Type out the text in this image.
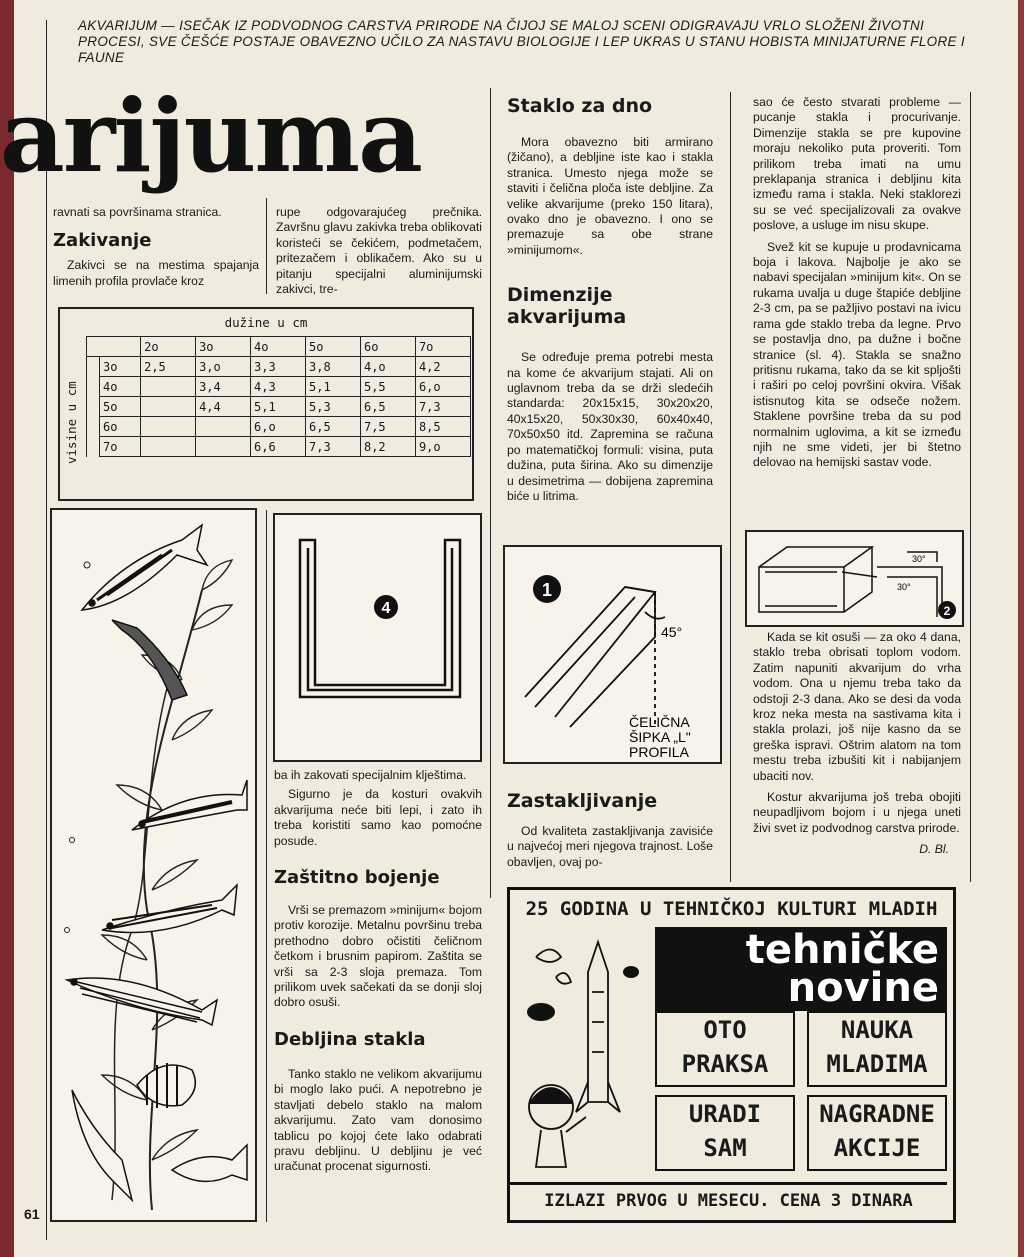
AKVARIJUM — ISEČAK IZ PODVODNOG CARSTVA PRIRODE NA ČIJOJ SE MALOJ SCENI ODIGRAVAJU VRLO SLOŽENI ŽIVOTNI PROCESI, SVE ČEŠĆE POSTAJE OBAVEZNO UČILO ZA NASTAVU BIOLOGIJE I LEP UKRAS U STANU HOBISTA MINIJATURNE FLORE I FAUNE
arijuma
ravnati sa površinama stranica.
Zakivanje
Zakivci se na mestima spajanja limenih profila provlače kroz
rupe odgovarajućeg prečnika. Završnu glavu zakivka treba oblikovati koristeći se čekićem, podmetačem, pritezačem i oblikačem. Ako su u pitanju specijalni aluminijumski zakivci, tre-
dužine u cm
visine u cm
		2o	3o	4o	5o	6o	7o
	3o	2,5	3,o	3,3	3,8	4,o	4,2
	4o		3,4	4,3	5,1	5,5	6,o
	5o		4,4	5,1	5,3	6,5	7,3
	6o			6,o	6,5	7,5	8,5
	7o			6,6	7,3	8,2	9,o
4
1
45°
ČELIČNA
ŠIPKA „L"
PROFILA
30°
30°
2
ba ih zakovati specijalnim klještima.

Sigurno je da kosturi ovakvih akvarijuma neće biti lepi, i zato ih treba koristiti samo kao pomoćne posude.

Zaštitno bojenje

Vrši se premazom »minijum« bojom protiv korozije. Metalnu površinu treba prethodno dobro očistiti čeličnom četkom i brusnim papirom. Zaštita se vrši sa 2-3 sloja premaza. Tom prilikom uvek sačekati da se donji sloj dobro osuši.

Debljina stakla

Tanko staklo ne velikom akvarijumu bi moglo lako pući. A nepotrebno je stavljati debelo staklo na malom akvarijumu. Zato vam donosimo tablicu po kojoj ćete lako odabrati pravu debljinu. U debljinu je već uračunat procenat sigurnosti.

Staklo za dno

Mora obavezno biti armirano (žičano), a debljine iste kao i stakla stranica. Umesto njega može se staviti i čelična ploča iste debljine. Za velike akvarijume (preko 150 litara), ovako dno je obavezno. I ono se premazuje sa obe strane »minijumom«.

Dimenzije akvarijuma

Se određuje prema potrebi mesta na kome će akvarijum stajati. Ali on uglavnom treba da se drži sledećih standarda: 20x15x15, 30x20x20, 40x15x20, 50x30x30, 60x40x40, 70x50x50 itd. Zapremina se računa po matematičkoj formuli: visina, puta dužina, puta širina. Ako su dimenzije u desimetrima — dobijena zapremina biće u litrima.

Zastakljivanje

Od kvaliteta zastakljivanja zavisiće u najvećoj meri njegova trajnost. Loše obavljen, ovaj po-

sao će često stvarati probleme — pucanje stakla i procurivanje. Dimenzije stakla se pre kupovine moraju nekoliko puta proveriti. Tom prilikom treba imati na umu preklapanja stranica i debljinu kita između rama i stakla. Neki staklorezi su se već specijalizovali za ovakve poslove, a usluge im nisu skupe.

Svež kit se kupuje u prodavnicama boja i lakova. Najbolje je ako se nabavi specijalan »minijum kit«. On se rukama uvalja u duge štapiće debljine 2-3 cm, pa se pažljivo postavi na ivicu rama gde staklo treba da legne. Prvo se postavlja dno, pa dužne i bočne stranice (sl. 4). Stakla se snažno pritisnu rukama, tako da se kit spljošti i raširi po celoj površini okvira. Višak istisnutog kita se odseče nožem. Staklene površine treba da su pod normalnim uglovima, a kit se između njih ne sme videti, jer bi štetno delovao na hemijski sastav vode.

Kada se kit osuši — za oko 4 dana, staklo treba obrisati toplom vodom. Zatim napuniti akvarijum do vrha vodom. Ona u njemu treba tako da odstoji 2-3 dana. Ako se desi da voda kroz neka mesta na sastivama kita i stakla prolazi, još nije kasno da se greška ispravi. Oštrim alatom na tom mestu treba izbušiti kit i nabijanjem ubaciti nov.

Kostur akvarijuma još treba obojiti neupadljivom bojom i u njega uneti živi svet iz podvodnog carstva prirode.

D. Bl.
25 GODINA U TEHNIČKOJ KULTURI MLADIH
tehničke
novine
OTO
PRAKSA
NAUKA
MLADIMA
URADI
SAM
NAGRADNE
AKCIJE
IZLAZI PRVOG U MESECU. CENA 3 DINARA
61
